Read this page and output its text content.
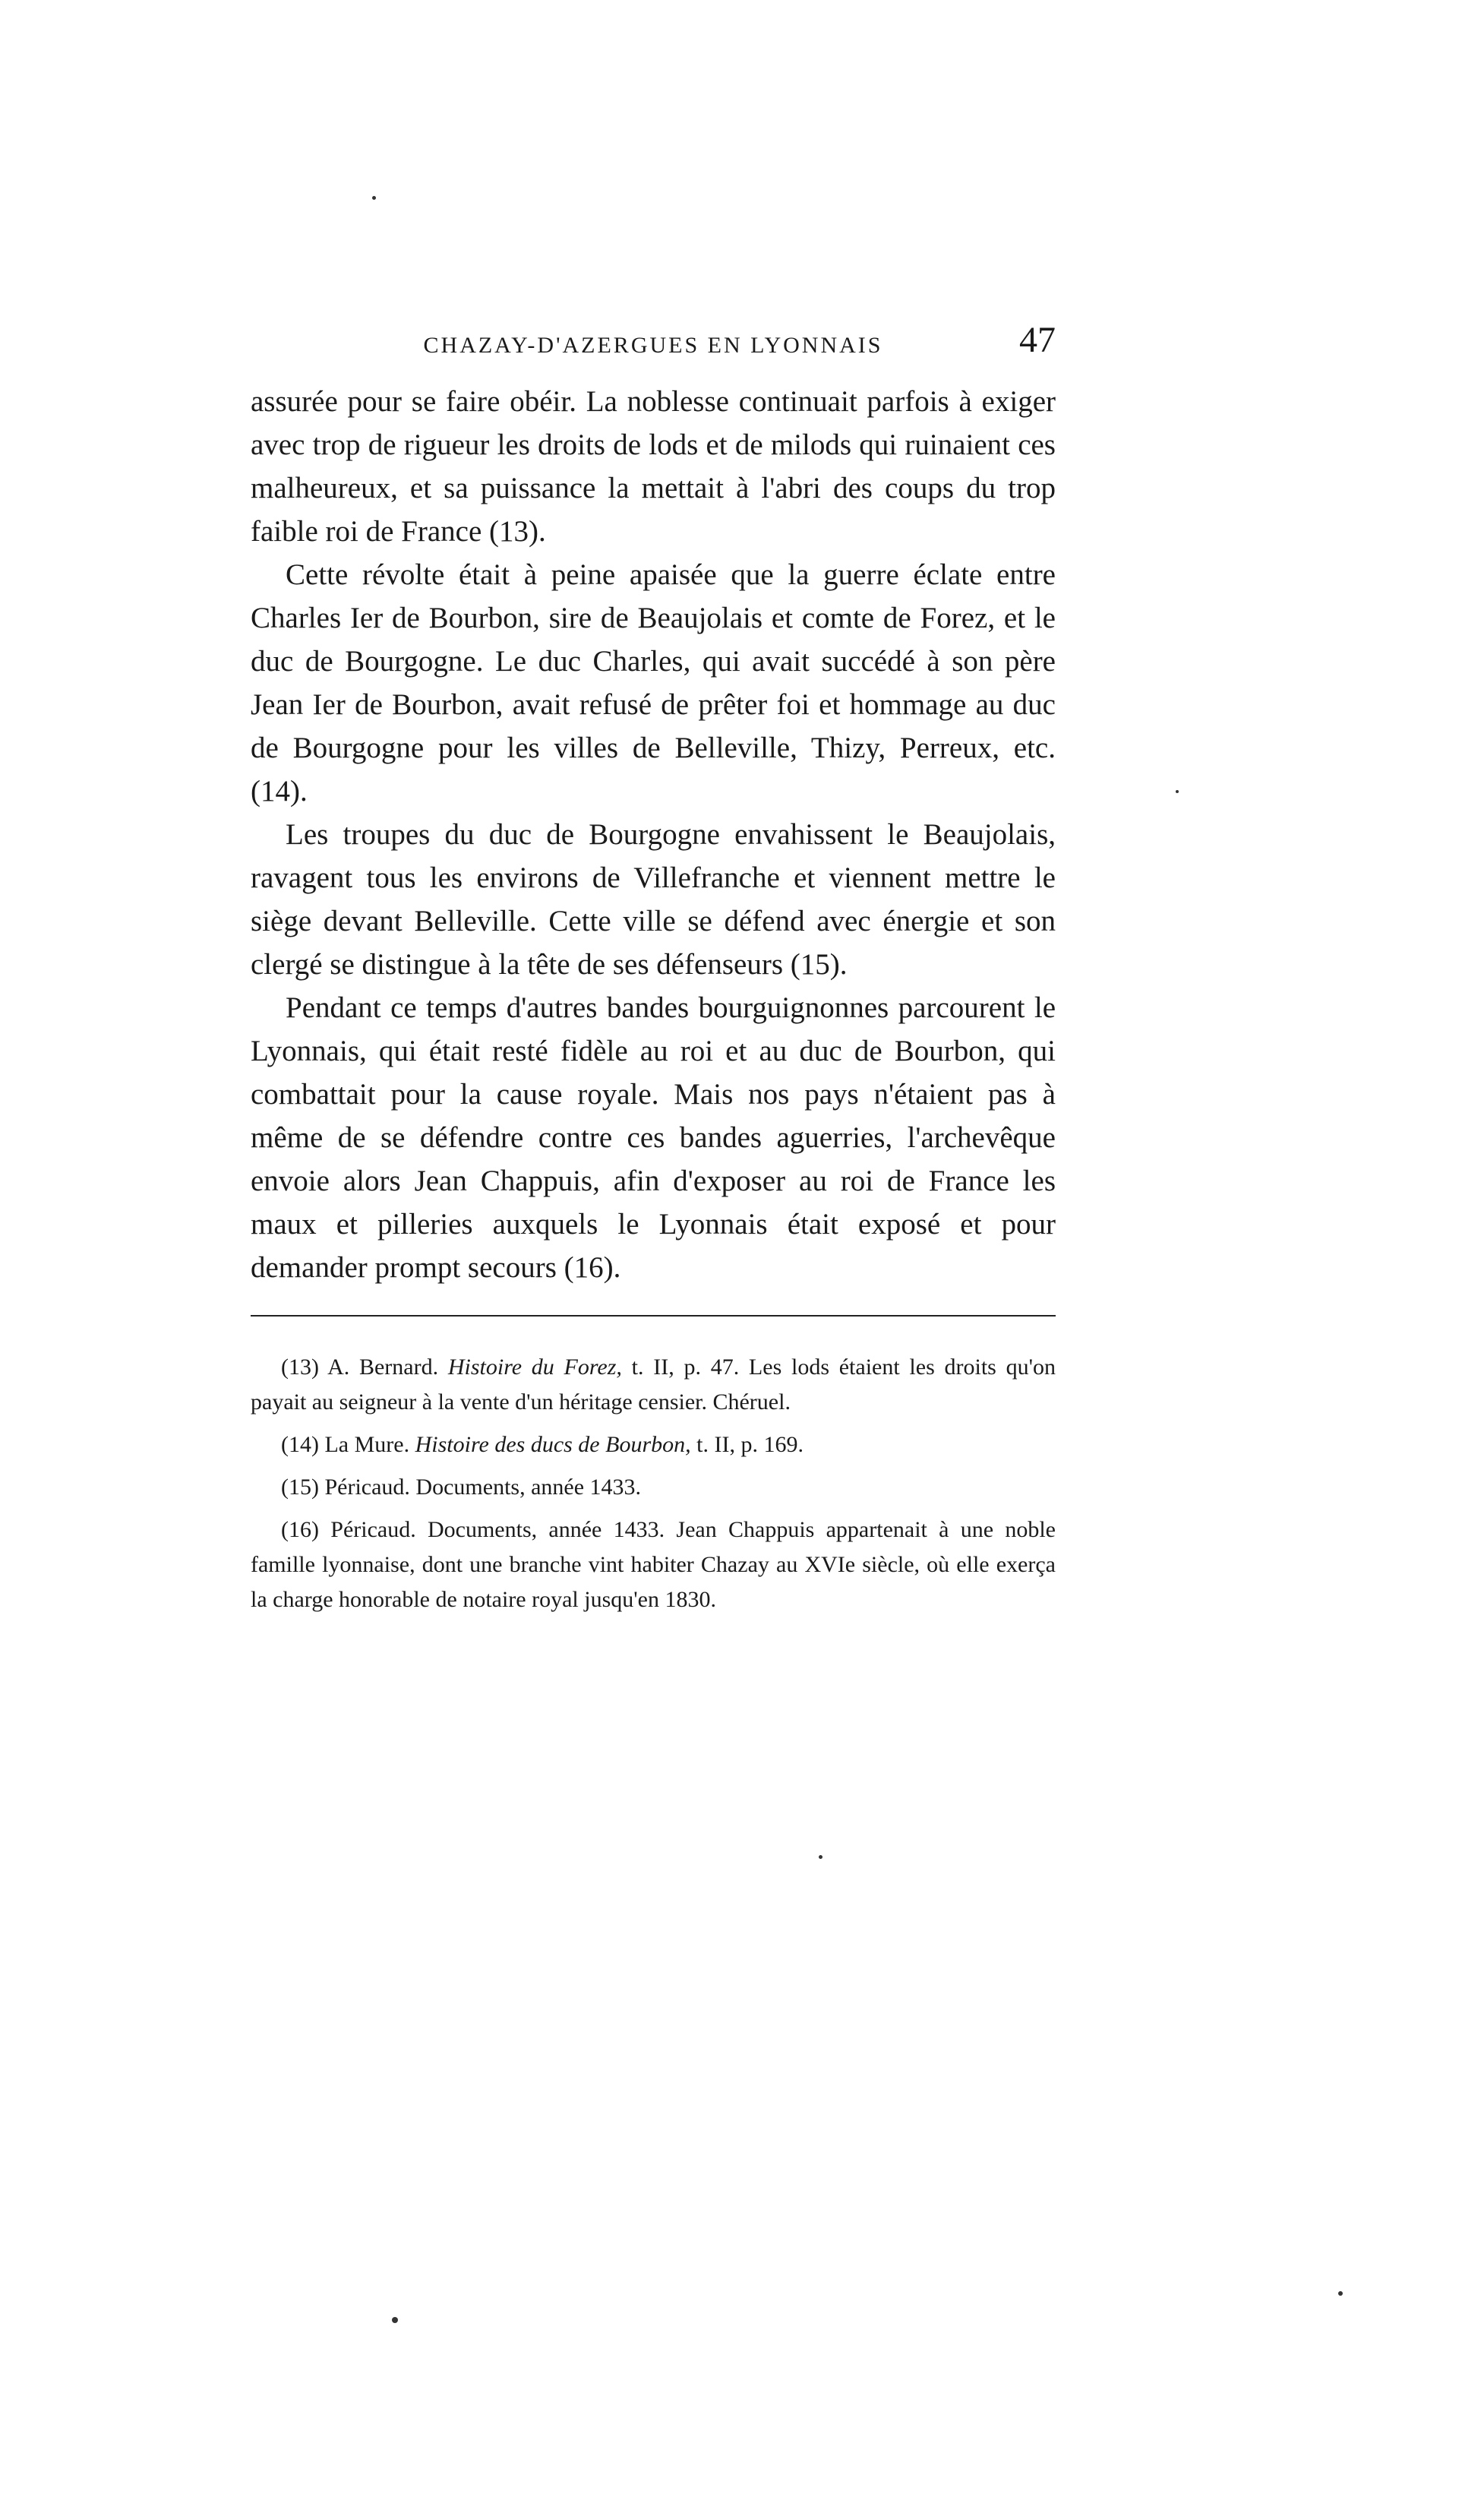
CHAZAY-D'AZERGUES EN LYONNAIS	47

assurée pour se faire obéir. La noblesse continuait parfois à exiger avec trop de rigueur les droits de lods et de milods qui ruinaient ces malheureux, et sa puissance la mettait à l'abri des coups du trop faible roi de France (13).

Cette révolte était à peine apaisée que la guerre éclate entre Charles Ier de Bourbon, sire de Beaujolais et comte de Forez, et le duc de Bourgogne. Le duc Charles, qui avait succédé à son père Jean Ier de Bourbon, avait refusé de prêter foi et hommage au duc de Bourgogne pour les villes de Belleville, Thizy, Perreux, etc. (14).

Les troupes du duc de Bourgogne envahissent le Beaujolais, ravagent tous les environs de Villefranche et viennent mettre le siège devant Belleville. Cette ville se défend avec énergie et son clergé se distingue à la tête de ses défenseurs (15).

Pendant ce temps d'autres bandes bourguignonnes parcourent le Lyonnais, qui était resté fidèle au roi et au duc de Bourbon, qui combattait pour la cause royale. Mais nos pays n'étaient pas à même de se défendre contre ces bandes aguerries, l'archevêque envoie alors Jean Chappuis, afin d'exposer au roi de France les maux et pilleries auxquels le Lyonnais était exposé et pour demander prompt secours (16).

(13) A. Bernard. Histoire du Forez, t. II, p. 47. Les lods étaient les droits qu'on payait au seigneur à la vente d'un héritage censier. Chéruel.

(14) La Mure. Histoire des ducs de Bourbon, t. II, p. 169.

(15) Péricaud. Documents, année 1433.

(16) Péricaud. Documents, année 1433. Jean Chappuis appartenait à une noble famille lyonnaise, dont une branche vint habiter Chazay au XVIe siècle, où elle exerça la charge honorable de notaire royal jusqu'en 1830.
